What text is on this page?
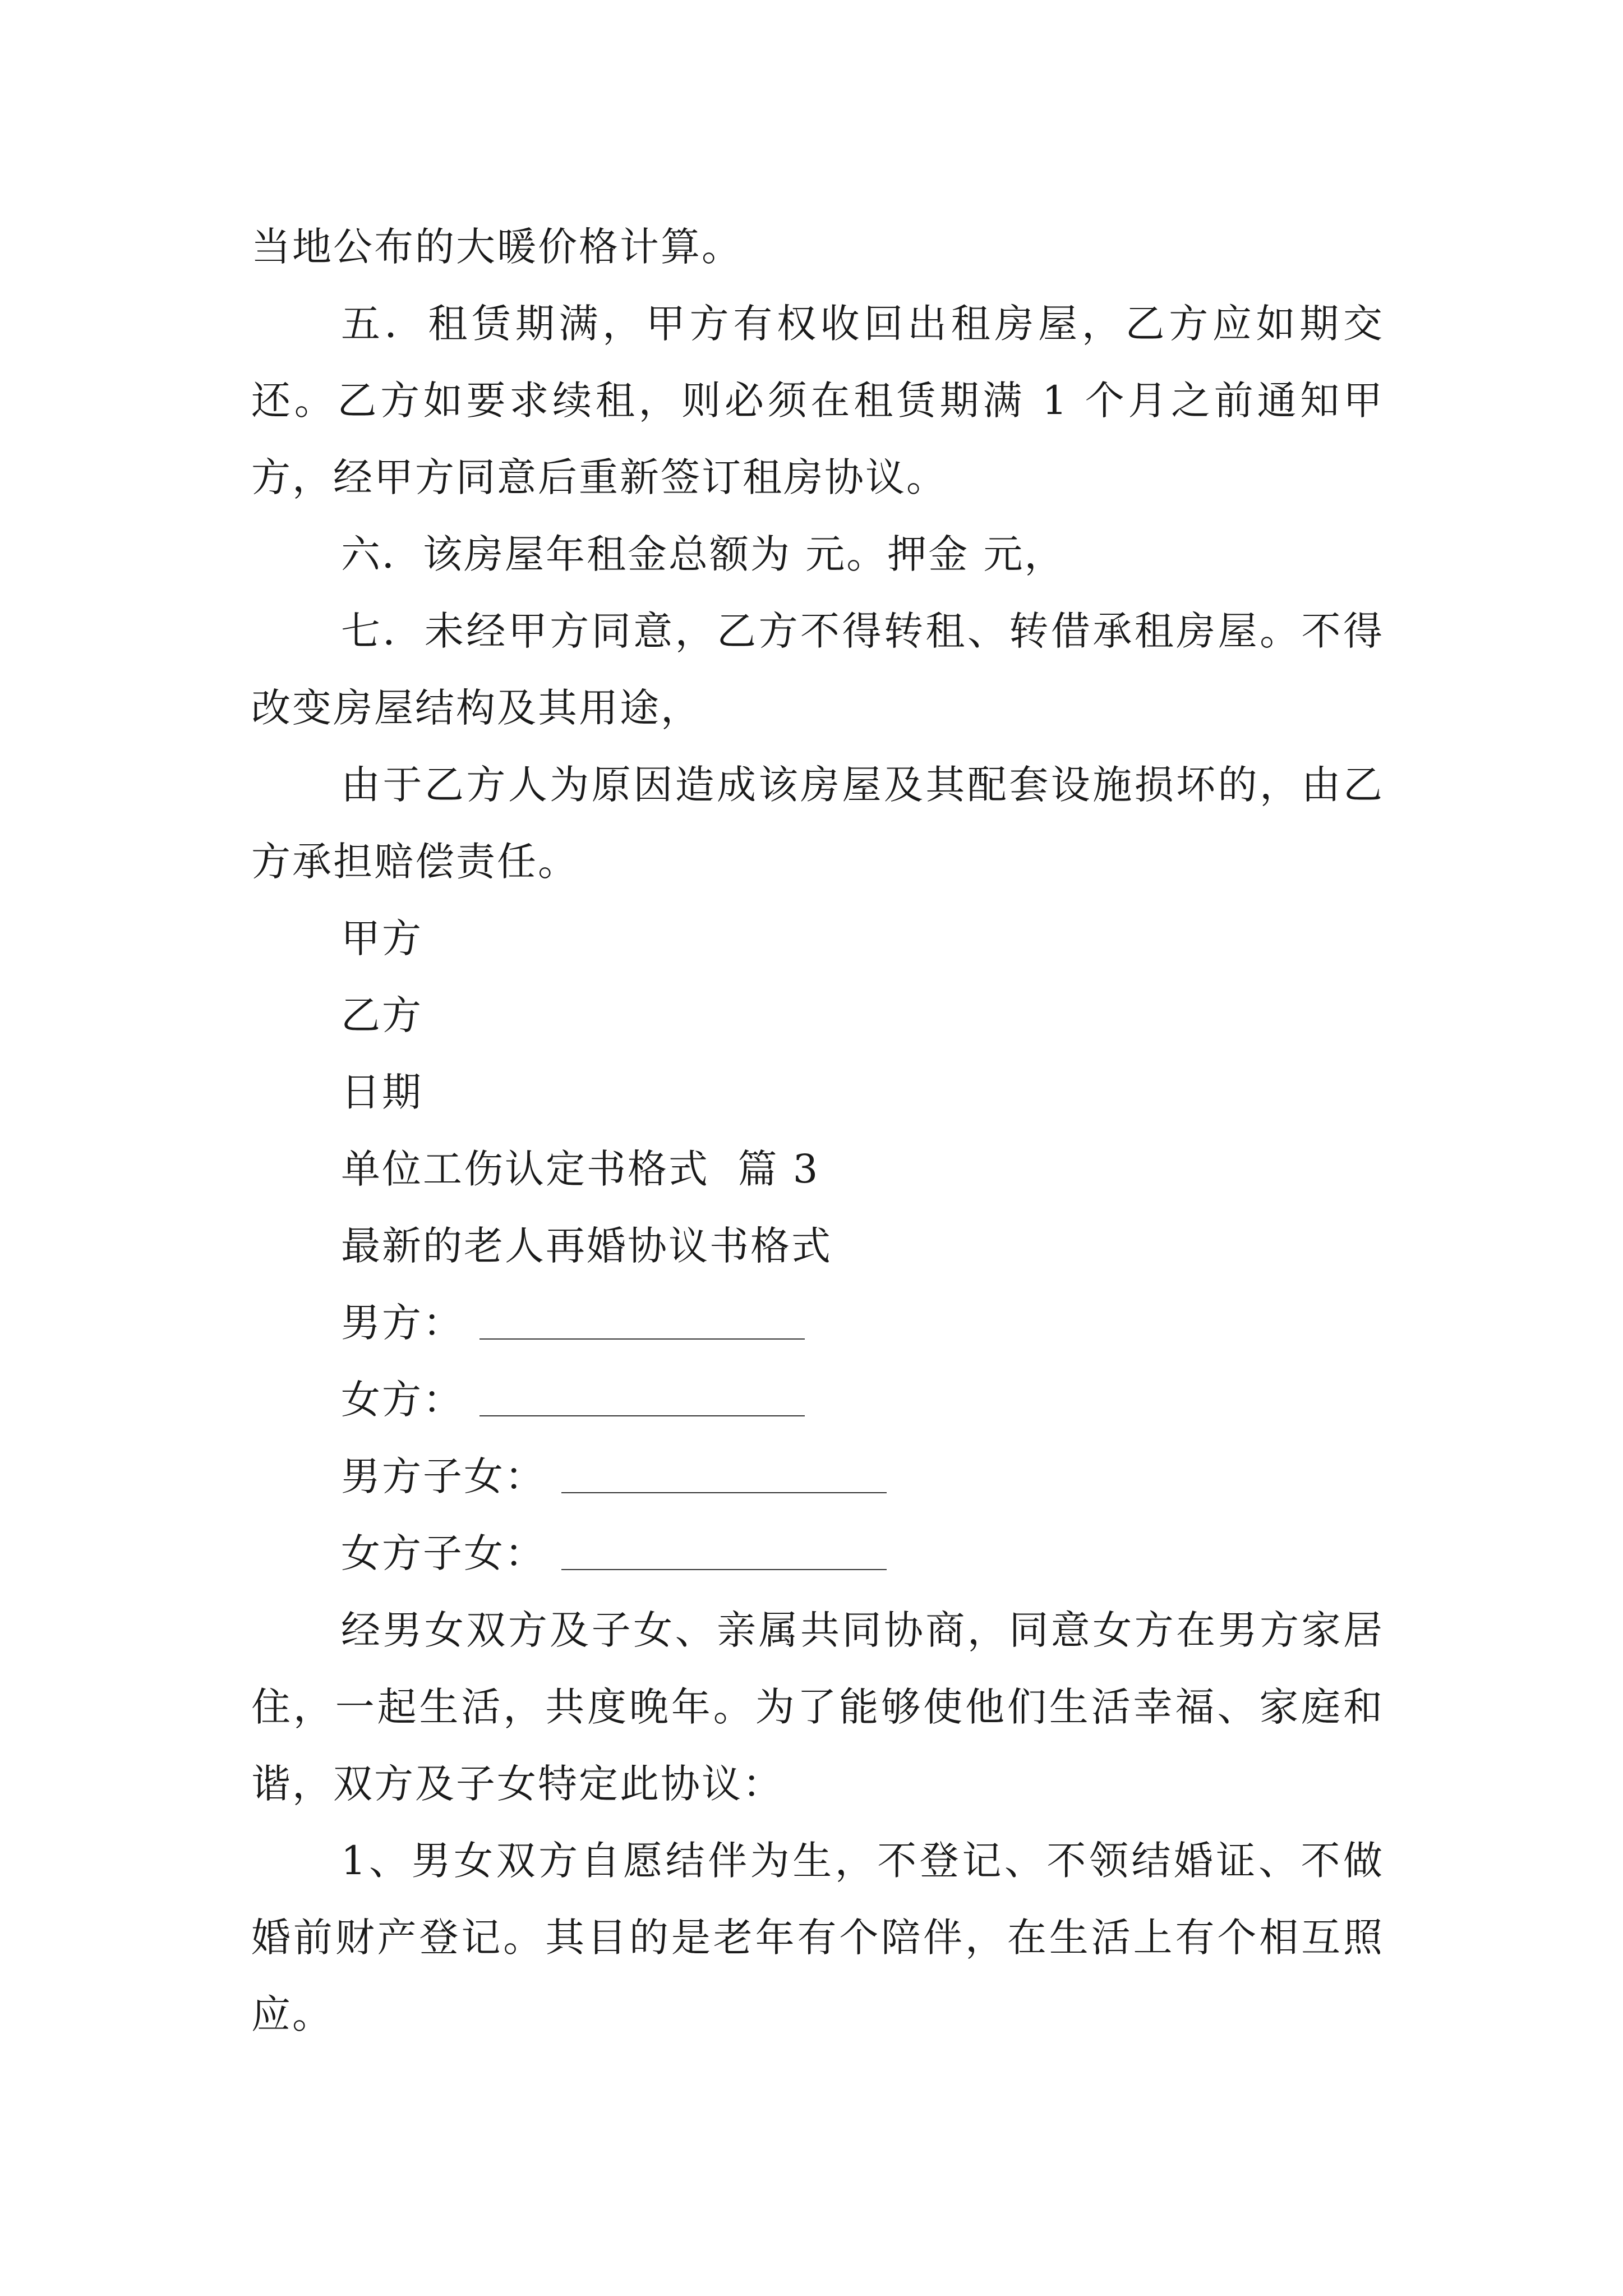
当地公布的大暖价格计算。

五．租赁期满，甲方有权收回出租房屋，乙方应如期交还。乙方如要求续租，则必须在租赁期满 1 个月之前通知甲方，经甲方同意后重新签订租房协议。

六．该房屋年租金总额为 元。押金 元，

七．未经甲方同意，乙方不得转租、转借承租房屋。不得改变房屋结构及其用途，

由于乙方人为原因造成该房屋及其配套设施损坏的，由乙方承担赔偿责任。

甲方

乙方

日期

单位工伤认定书格式  篇 3

最新的老人再婚协议书格式

男方：

女方：

男方子女：

女方子女：

经男女双方及子女、亲属共同协商，同意女方在男方家居住，一起生活，共度晚年。为了能够使他们生活幸福、家庭和谐，双方及子女特定此协议：

1、男女双方自愿结伴为生，不登记、不领结婚证、不做婚前财产登记。其目的是老年有个陪伴，在生活上有个相互照应。
